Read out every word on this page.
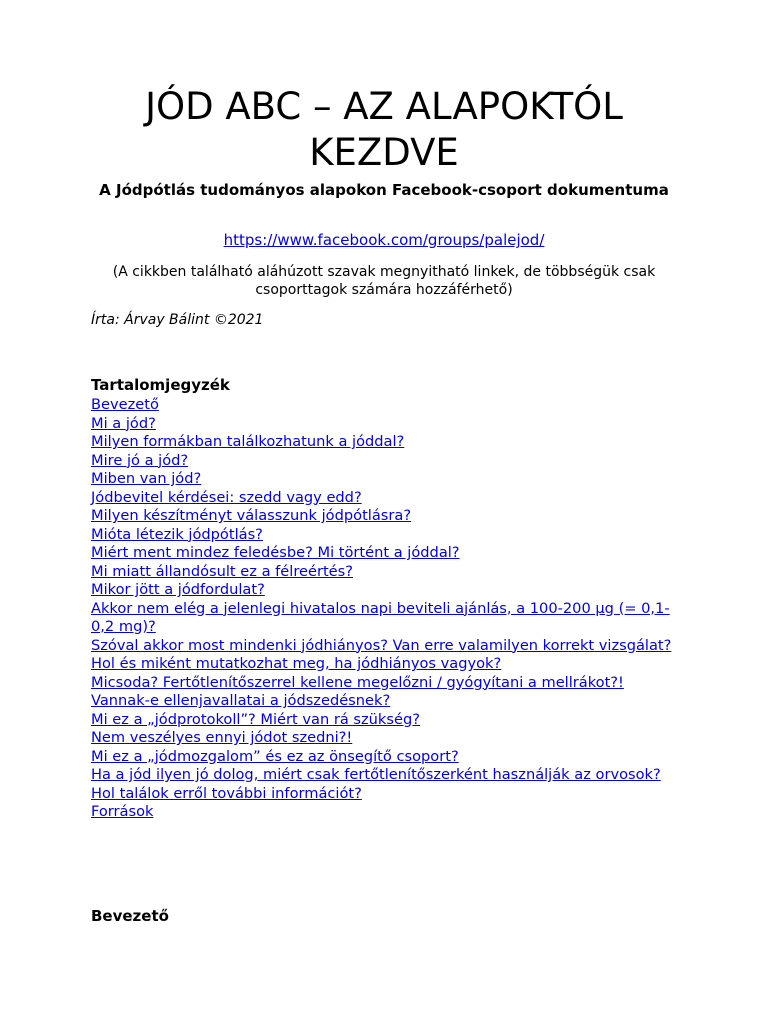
JÓD ABC – AZ ALAPOKTÓL KEZDVE

A Jódpótlás tudományos alapokon Facebook-csoport dokumentuma

https://www.facebook.com/groups/palejod/

(A cikkben található aláhúzott szavak megnyitható linkek, de többségük csak csoporttagok számára hozzáférhető)

Írta: Árvay Bálint ©2021

Tartalomjegyzék
Bevezető
Mi a jód?
Milyen formákban találkozhatunk a jóddal?
Mire jó a jód?
Miben van jód?
Jódbevitel kérdései: szedd vagy edd?
Milyen készítményt válasszunk jódpótlásra?
Mióta létezik jódpótlás?
Miért ment mindez feledésbe? Mi történt a jóddal?
Mi miatt állandósult ez a félreértés?
Mikor jött a jódfordulat?
Akkor nem elég a jelenlegi hivatalos napi beviteli ajánlás, a 100-200 µg (= 0,1-0,2 mg)?
Szóval akkor most mindenki jódhiányos? Van erre valamilyen korrekt vizsgálat?
Hol és miként mutatkozhat meg, ha jódhiányos vagyok?
Micsoda? Fertőtlenítőszerrel kellene megelőzni / gyógyítani a mellrákot?!
Vannak-e ellenjavallatai a jódszedésnek?
Mi ez a „jódprotokoll”? Miért van rá szükség?
Nem veszélyes ennyi jódot szedni?!
Mi ez a „jódmozgalom” és ez az önsegítő csoport?
Ha a jód ilyen jó dolog, miért csak fertőtlenítőszerként használják az orvosok?
Hol találok erről további információt?
Források
Bevezető
